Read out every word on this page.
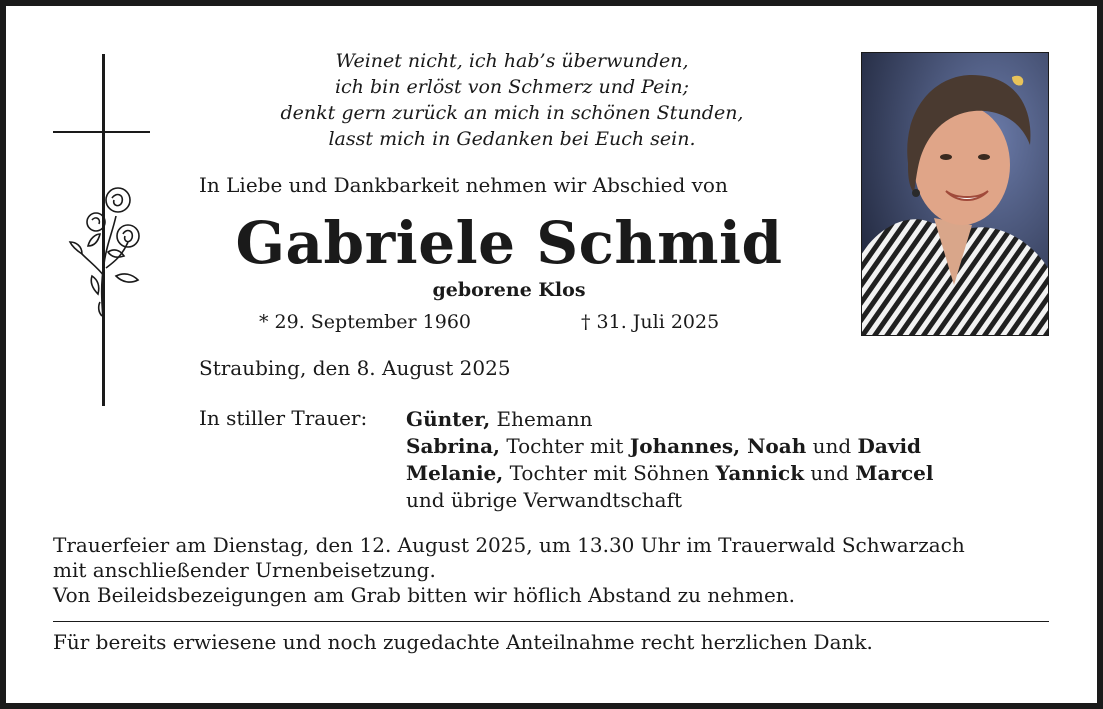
Weinet nicht, ich hab’s überwunden,
ich bin erlöst von Schmerz und Pein;
denkt gern zurück an mich in schönen Stunden,
lasst mich in Gedanken bei Euch sein.
In Liebe und Dankbarkeit nehmen wir Abschied von
Gabriele Schmid
geborene Klos
* 29. September 1960	† 31. Juli 2025
Straubing, den 8. August 2025
In stiller Trauer: Günter, Ehemann
Sabrina, Tochter mit Johannes, Noah und David
Melanie, Tochter mit Söhnen Yannick und Marcel
und übrige Verwandtschaft
Trauerfeier am Dienstag, den 12. August 2025, um 13.30 Uhr im Trauerwald Schwarzach
mit anschließender Urnenbeisetzung.
Von Beileidsbezeigungen am Grab bitten wir höflich Abstand zu nehmen.
Für bereits erwiesene und noch zugedachte Anteilnahme recht herzlichen Dank.
